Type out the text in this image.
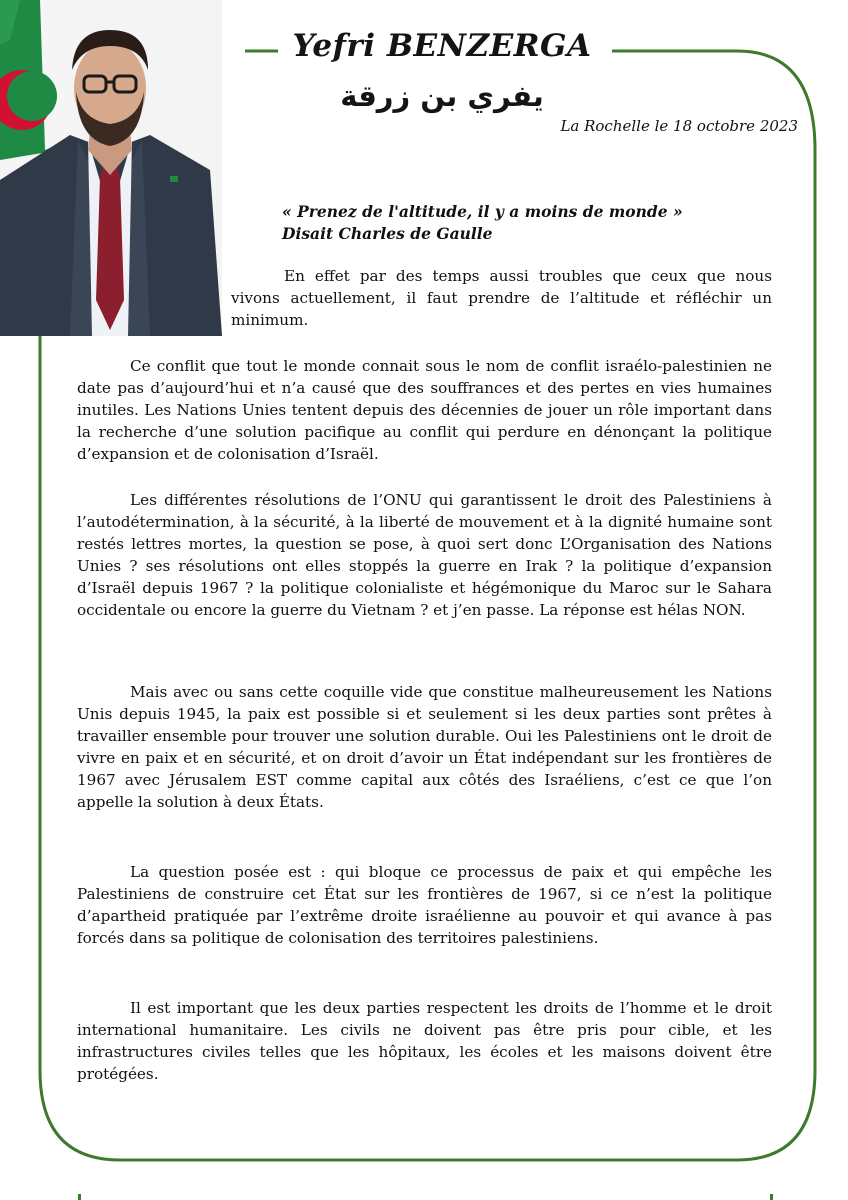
Yefri BENZERGA
يفري بن زرقة
La Rochelle le 18 octobre 2023
« Prenez de l'altitude, il y a moins de monde »
Disait Charles de Gaulle

En effet par des temps aussi troubles que ceux que nous vivons actuellement, il faut prendre de l’altitude et réfléchir un minimum.

Ce conflit que tout le monde connait sous le nom de conflit israélo-palestinien ne date pas d’aujourd’hui et n’a causé que des souffrances et des pertes en vies humaines inutiles. Les Nations Unies tentent depuis des décennies de jouer un rôle important dans la recherche d’une solution pacifique au conflit qui perdure en dénonçant la politique d’expansion et de colonisation d’Israël.

Les différentes résolutions de l’ONU qui garantissent le droit des Palestiniens à l’autodétermination, à la sécurité, à la liberté de mouvement et à la dignité humaine sont restés lettres mortes, la question se pose, à quoi sert donc L’Organisation des Nations Unies ? ses résolutions ont elles stoppés la guerre en Irak ? la politique d’expansion d’Israël depuis 1967 ? la politique colonialiste et hégémonique du Maroc sur le Sahara occidentale ou encore la guerre du Vietnam ? et j’en passe. La réponse est hélas NON.

Mais avec ou sans cette coquille vide que constitue malheureusement les Nations Unis depuis 1945, la paix est possible si et seulement si les deux parties sont prêtes à travailler ensemble pour trouver une solution durable. Oui les Palestiniens ont le droit de vivre en paix et en sécurité, et on droit d’avoir un État indépendant sur les frontières de 1967 avec Jérusalem EST comme capital aux côtés des Israéliens, c’est ce que l’on appelle la solution à deux États.

La question posée est : qui bloque ce processus de paix et qui empêche les Palestiniens de construire cet État sur les frontières de 1967, si ce n’est la politique d’apartheid pratiquée par l’extrême droite israélienne au pouvoir et qui avance à pas forcés dans sa politique de colonisation des territoires palestiniens.

Il est important que les deux parties respectent les droits de l’homme et le droit international humanitaire. Les civils ne doivent pas être pris pour cible, et les infrastructures civiles telles que les hôpitaux, les écoles et les maisons doivent être protégées.
